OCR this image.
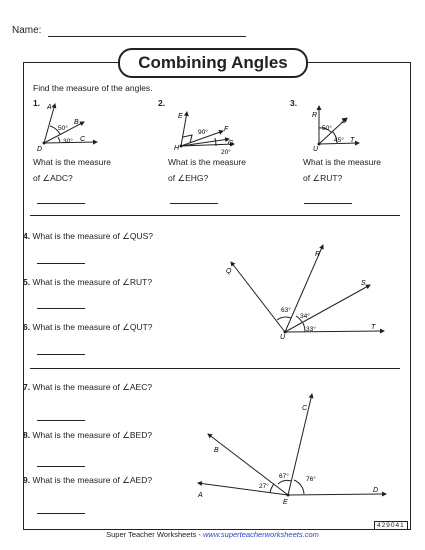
Name:
Combining Angles
Find the measure of the angles.
1.	2.	3.
A
B
C
D
50°
30°
E
F
G
H
90°
20°
R
S
T
U
50°
45°
What is the measure
of ∠ADC?
What is the measure
of ∠EHG?
What is the measure
of ∠RUT?
4. What is the measure of ∠QUS?
5. What is the measure of ∠RUT?
6. What is the measure of ∠QUT?
Q
R
S
T
U
63°
34°
33°
7. What is the measure of ∠AEC?
8. What is the measure of ∠BED?
9. What is the measure of ∠AED?
A
B
C
D
E
27°
67°	76°
429041
Super Teacher Worksheets - www.superteacherworksheets.com
